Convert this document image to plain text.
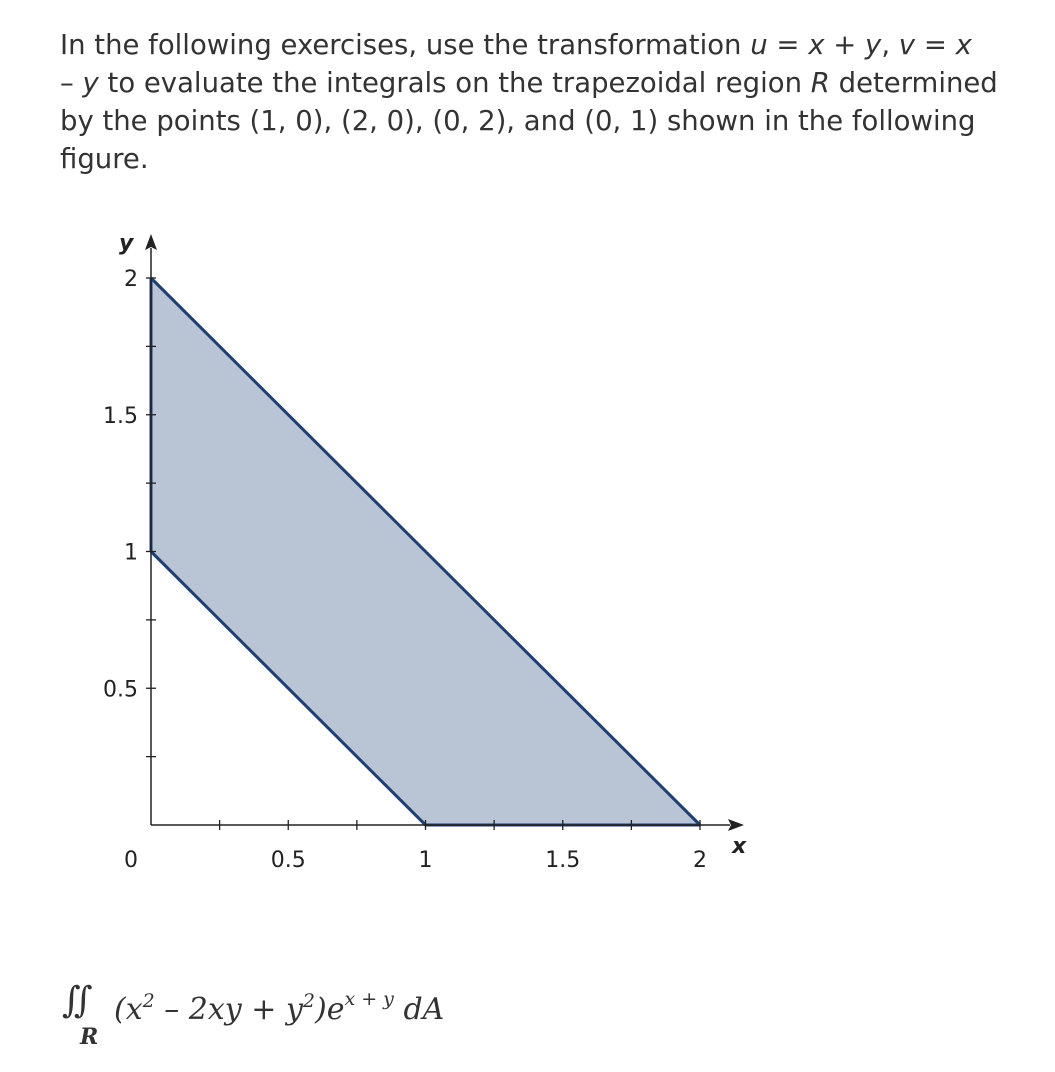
In the following exercises, use the transformation u = x + y, v = x
– y to evaluate the integrals on the trapezoidal region R determined by the points (1, 0), (2, 0), (0, 2), and (0, 1) shown in the following figure.

0	0.5	1	1.5	2
0.5
1
1.5
2
x
y
∬
R
$(x^2 - 2xy + y^2)e^{x + y}$ dA
